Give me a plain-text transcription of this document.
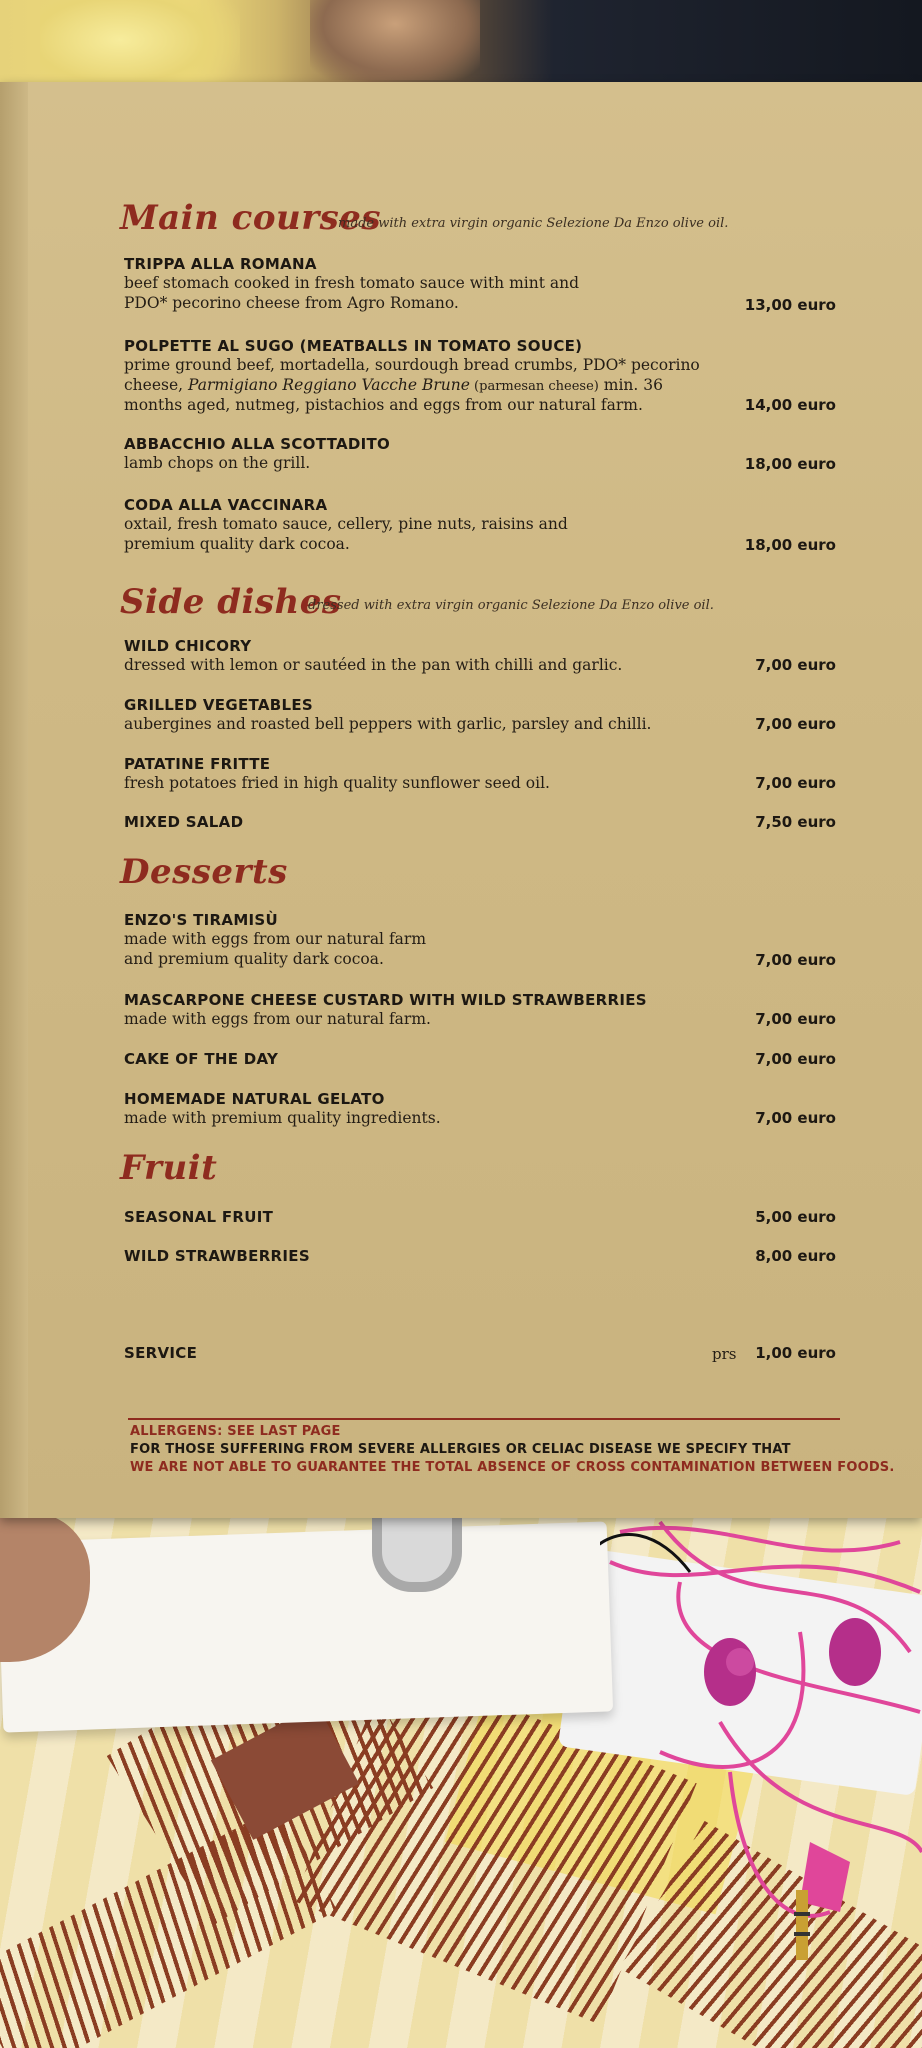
Main courses
made with extra virgin organic Selezione Da Enzo olive oil.
TRIPPA ALLA ROMANA
beef stomach cooked in fresh tomato sauce with mint and
PDO* pecorino cheese from Agro Romano.	13,00 euro
POLPETTE AL SUGO (MEATBALLS IN TOMATO SOUCE)
prime ground beef, mortadella, sourdough bread crumbs, PDO* pecorino
cheese, Parmigiano Reggiano Vacche Brune (parmesan cheese) min. 36
months aged, nutmeg, pistachios and eggs from our natural farm.	14,00 euro
ABBACCHIO ALLA SCOTTADITO
lamb chops on the grill.	18,00 euro
CODA ALLA VACCINARA
oxtail, fresh tomato sauce, cellery, pine nuts, raisins and
premium quality dark cocoa.	18,00 euro
Side dishes
dressed with extra virgin organic Selezione Da Enzo olive oil.
WILD CHICORY
dressed with lemon or sautéed in the pan with chilli and garlic.	7,00 euro
GRILLED VEGETABLES
aubergines and roasted bell peppers with garlic, parsley and chilli.	7,00 euro
PATATINE FRITTE
fresh potatoes fried in high quality sunflower seed oil.	7,00 euro
MIXED SALAD	7,50 euro
Desserts
ENZO'S TIRAMISÙ
made with eggs from our natural farm
and premium quality dark cocoa.	7,00 euro
MASCARPONE CHEESE CUSTARD WITH WILD STRAWBERRIES
made with eggs from our natural farm.	7,00 euro
CAKE OF THE DAY	7,00 euro
HOMEMADE NATURAL GELATO
made with premium quality ingredients.	7,00 euro
Fruit
SEASONAL FRUIT	5,00 euro
WILD STRAWBERRIES	8,00 euro
SERVICE	prs 1,00 euro
ALLERGENS: SEE LAST PAGE
FOR THOSE SUFFERING FROM SEVERE ALLERGIES OR CELIAC DISEASE WE SPECIFY THAT
WE ARE NOT ABLE TO GUARANTEE THE TOTAL ABSENCE OF CROSS CONTAMINATION BETWEEN FOODS.
